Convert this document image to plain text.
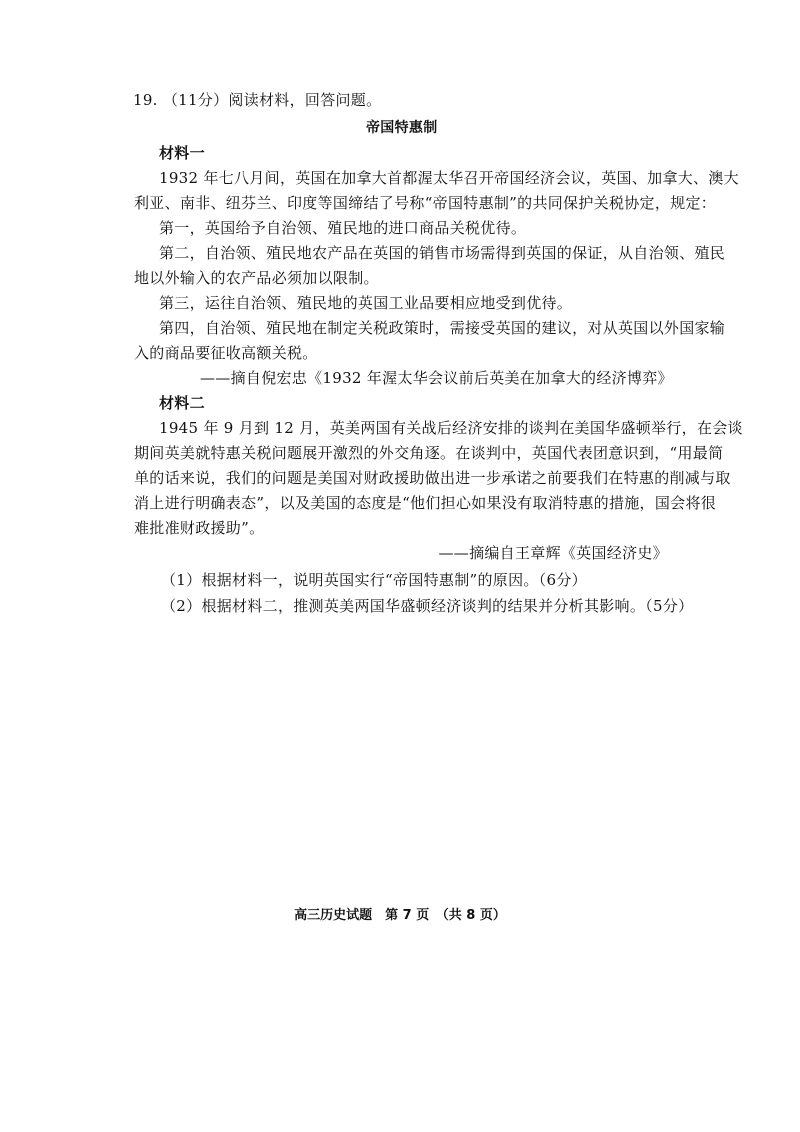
19. （11分）阅读材料，回答问题。
帝国特惠制
材料一
1932 年七八月间，英国在加拿大首都渥太华召开帝国经济会议，英国、加拿大、澳大
利亚、南非、纽芬兰、印度等国缔结了号称“帝国特惠制”的共同保护关税协定，规定：
第一，英国给予自治领、殖民地的进口商品关税优待。
第二，自治领、殖民地农产品在英国的销售市场需得到英国的保证，从自治领、殖民
地以外输入的农产品必须加以限制。
第三，运往自治领、殖民地的英国工业品要相应地受到优待。
第四，自治领、殖民地在制定关税政策时，需接受英国的建议，对从英国以外国家输
入的商品要征收高额关税。
——摘自倪宏忠《1932 年渥太华会议前后英美在加拿大的经济博弈》
材料二
1945 年 9 月到 12 月，英美两国有关战后经济安排的谈判在美国华盛顿举行，在会谈
期间英美就特惠关税问题展开激烈的外交角逐。在谈判中，英国代表团意识到，“用最简
单的话来说，我们的问题是美国对财政援助做出进一步承诺之前要我们在特惠的削减与取
消上进行明确表态”，以及美国的态度是“他们担心如果没有取消特惠的措施，国会将很
难批准财政援助”。
——摘编自王章辉《英国经济史》
（1）根据材料一，说明英国实行“帝国特惠制”的原因。（6分）
（2）根据材料二，推测英美两国华盛顿经济谈判的结果并分析其影响。（5分）
高三历史试题　第 7 页　（共 8 页）
